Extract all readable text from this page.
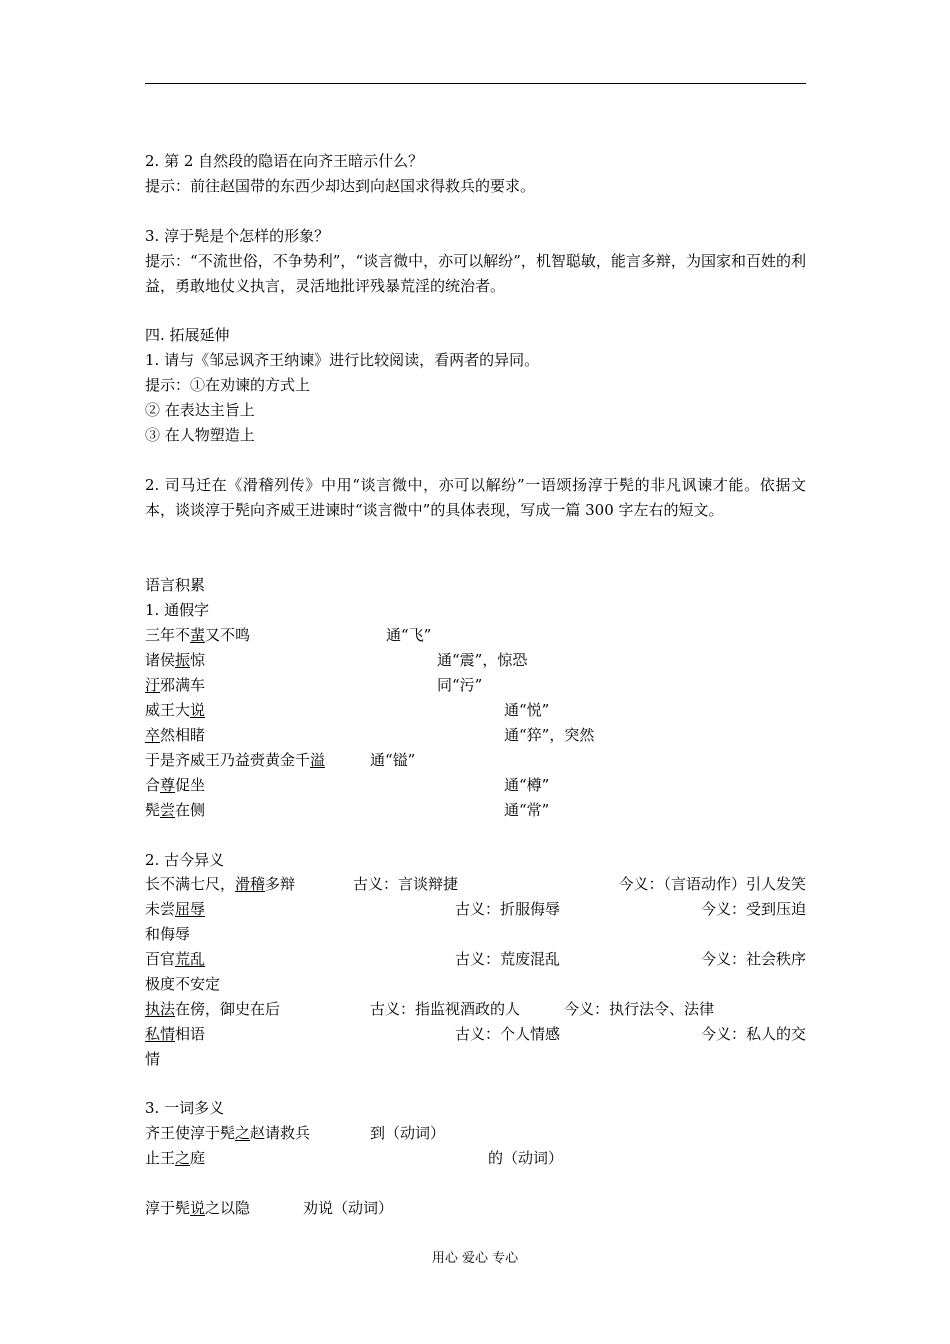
2. 第 2 自然段的隐语在向齐王暗示什么？
提示：前往赵国带的东西少却达到向赵国求得救兵的要求。
3. 淳于髡是个怎样的形象？
提示：“不流世俗，不争势利”，“谈言微中，亦可以解纷”，机智聪敏，能言多辩，为国家和百姓的利益，勇敢地仗义执言，灵活地批评残暴荒淫的统治者。
四. 拓展延伸
1. 请与《邹忌讽齐王纳谏》进行比较阅读，看两者的异同。
提示：①在劝谏的方式上
② 在表达主旨上
③ 在人物塑造上
2. 司马迁在《滑稽列传》中用“谈言微中，亦可以解纷”一语颂扬淳于髡的非凡讽谏才能。依据文本，谈谈淳于髡向齐威王进谏时“谈言微中”的具体表现，写成一篇 300 字左右的短文。
语言积累
1. 通假字
三年不蜚又不鸣	通“飞”
诸侯振惊	通“震”，惊恐
汙邪满车	同“污”
威王大说	通“悦”
卒然相睹	通“猝”，突然
于是齐威王乃益赍黄金千溢	通“镒”
合尊促坐	通“樽”
髡尝在侧	通“常”
2. 古今异义
长不满七尺，滑稽多辩	古义：言谈辩捷	今义：（言语动作）引人发笑
未尝屈辱	古义：折服侮辱	今义：受到压迫
和侮辱
百官荒乱	古义：荒废混乱	今义：社会秩序
极度不安定
执法在傍，御史在后	古义：指监视酒政的人	今义：执行法令、法律
私情相语	古义：个人情感	今义：私人的交
情
3. 一词多义
齐王使淳于髡之赵请救兵	到（动词）
止王之庭	的（动词）
淳于髡说之以隐	劝说（动词）
用心 爱心 专心
